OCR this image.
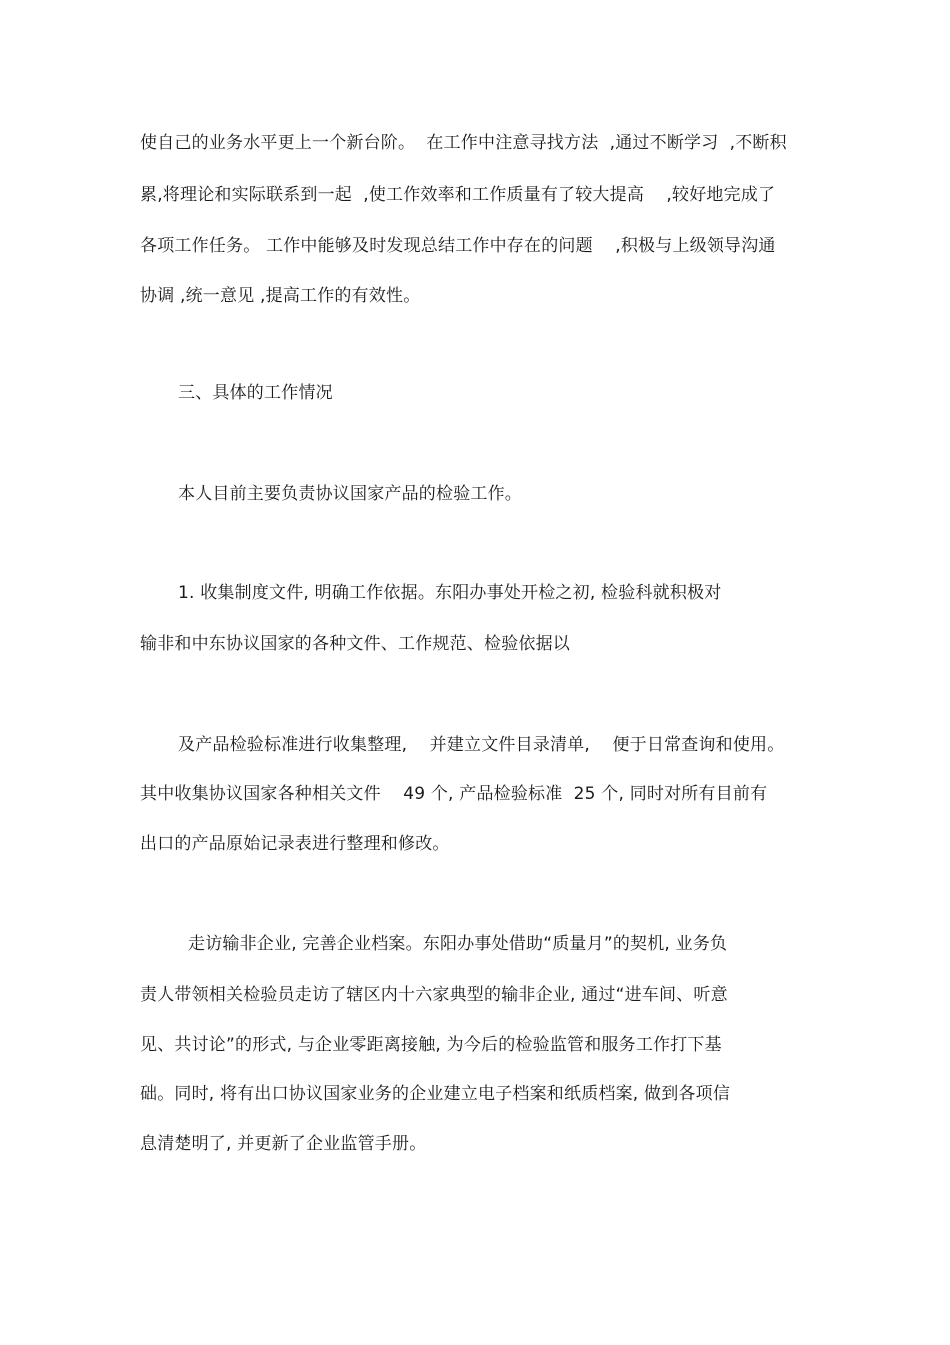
使自己的业务水平更上一个新台阶。  在工作中注意寻找方法  ,通过不断学习  ,不断积
累,将理论和实际联系到一起  ,使工作效率和工作质量有了较大提高    ,较好地完成了
各项工作任务。 工作中能够及时发现总结工作中存在的问题    ,积极与上级领导沟通
协调 ,统一意见 ,提高工作的有效性。
三、具体的工作情况
本人目前主要负责协议国家产品的检验工作。
1. 收集制度文件, 明确工作依据。东阳办事处开检之初, 检验科就积极对
输非和中东协议国家的各种文件、工作规范、检验依据以
及产品检验标准进行收集整理,    并建立文件目录清单,    便于日常查询和使用。
其中收集协议国家各种相关文件    49 个, 产品检验标准  25 个, 同时对所有目前有
出口的产品原始记录表进行整理和修改。
走访输非企业, 完善企业档案。东阳办事处借助“质量月”的契机, 业务负
责人带领相关检验员走访了辖区内十六家典型的输非企业, 通过“进车间、听意
见、共讨论”的形式, 与企业零距离接触, 为今后的检验监管和服务工作打下基
础。同时, 将有出口协议国家业务的企业建立电子档案和纸质档案, 做到各项信
息清楚明了, 并更新了企业监管手册。
